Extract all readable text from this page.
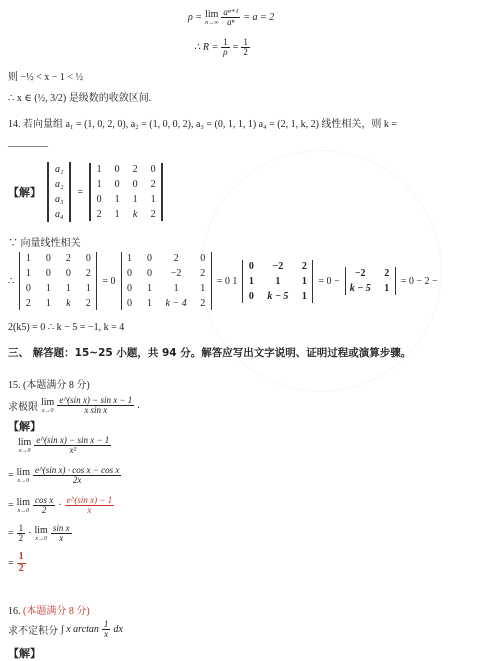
ρ = lim
$n\to\infty \frac{\text{aⁿ⁺¹}}{\text{aⁿ}} = a = 2$
∴ $R = \frac{1}{\rho} = \frac{1}{2}$
则 −½ < x − 1 < ½
∴ x ∈ (½, 3/2) 是级数的收敛区间.
14. 若向量组 a₁ = (1, 0, 2, 0), a₂ = (1, 0, 0, 2), a₃ = (0, 1, 1, 1) a₄ = (2, 1, k, 2) 线性相关，则 k =
________
【解】
a₁
a₂
a₃
a₄
=
1 0 2 0
1 0 0 2
0 1 1 1
2 1 k 2
∵ 向量线性相关
∴
1 0 2 0
1 0 0 2
0 1 1 1
2 1 k 2
= 0
1 0	2	0
0 0	−2	2
0 1	1	1
0 1 k − 4 2
= 0 1
0	−2	2
1	1	1
0 k − 5 1
= 0 −
−2	2
k − 5 1
= 0 − 2 −
2(k5) = 0 ∴ k − 5 = −1, k = 4
三、 解答题：15~25 小题，共 94 分。解答应写出文字说明、证明过程或演算步骤。
15. (本题满分 8 分)
求极限 lim
$x\to 0 \frac{\text{e\textasciicircum{}(sin x) − sin x − 1}}{\text{x sin x}}$ .
【解】
lim
$x\to 0 \frac{\text{e\textasciicircum{}(sin x) − sin x − 1}}{\text{x²}}$
= lim
$x\to 0 \frac{\text{e\textasciicircum{}(sin x) · cos x − cos x}}{2x}$
= lim
$x\to 0 \frac{\text{cos x}}{2} \cdot \frac{\text{e\textasciicircum{}(sin x) − 1}}{x}$
= $\frac{1}{2} \cdot \lim$
$x\to 0 \frac{\text{sin x}}{x}$
= $\frac{1}{2}$
16. (本题满分 8 分)
求不定积分 ∫ x $\arctan \frac{1}{x}$ dx
【解】
